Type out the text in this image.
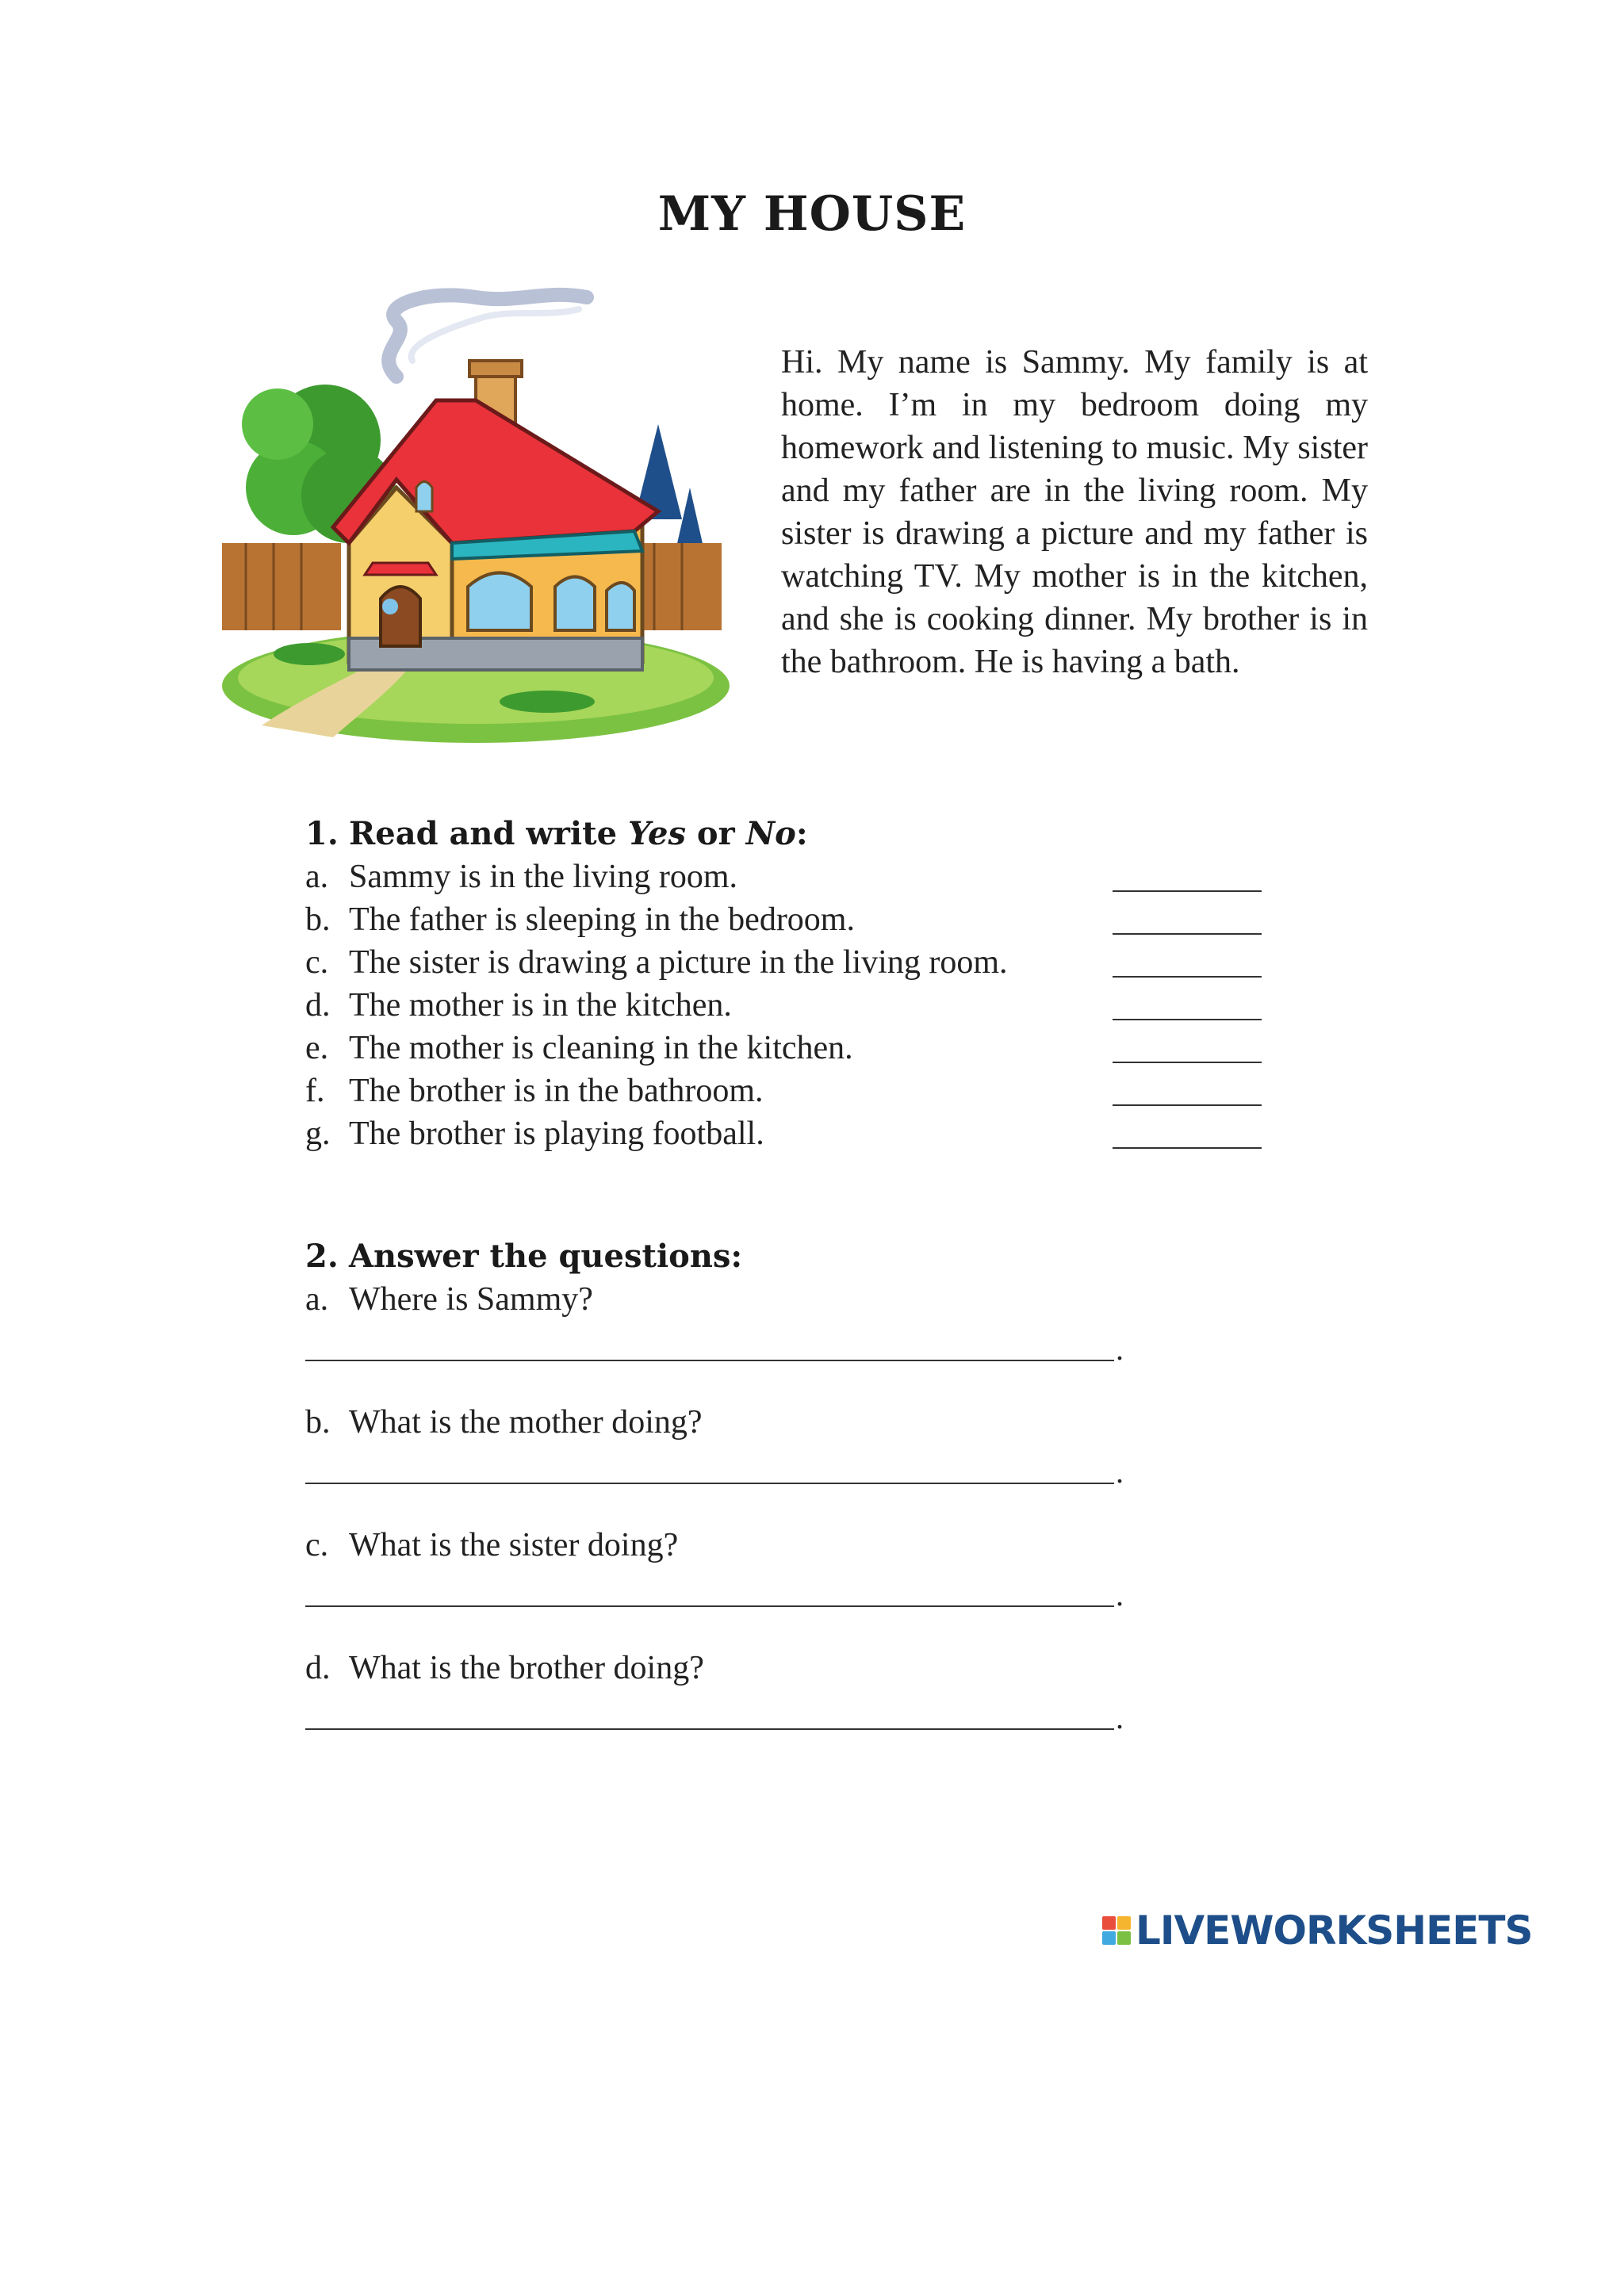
MY HOUSE
Hi. My name is Sammy. My family is at home. I’m in my bedroom doing my homework and listening to music. My sister and my father are in the living room. My sister is drawing a picture and my father is watching TV. My mother is in the kitchen, and she is cooking dinner. My brother is in the bathroom. He is having a bath.
1. Read and write Yes or No:
a. Sammy is in the living room.
b. The father is sleeping in the bedroom.
c. The sister is drawing a picture in the living room.
d. The mother is in the kitchen.
e. The mother is cleaning in the kitchen.
f. The brother is in the bathroom.
g. The brother is playing football.
2. Answer the questions:
a. Where is Sammy?
.
b. What is the mother doing?
.
c. What is the sister doing?
.
d. What is the brother doing?
.
LIVEWORKSHEETS
